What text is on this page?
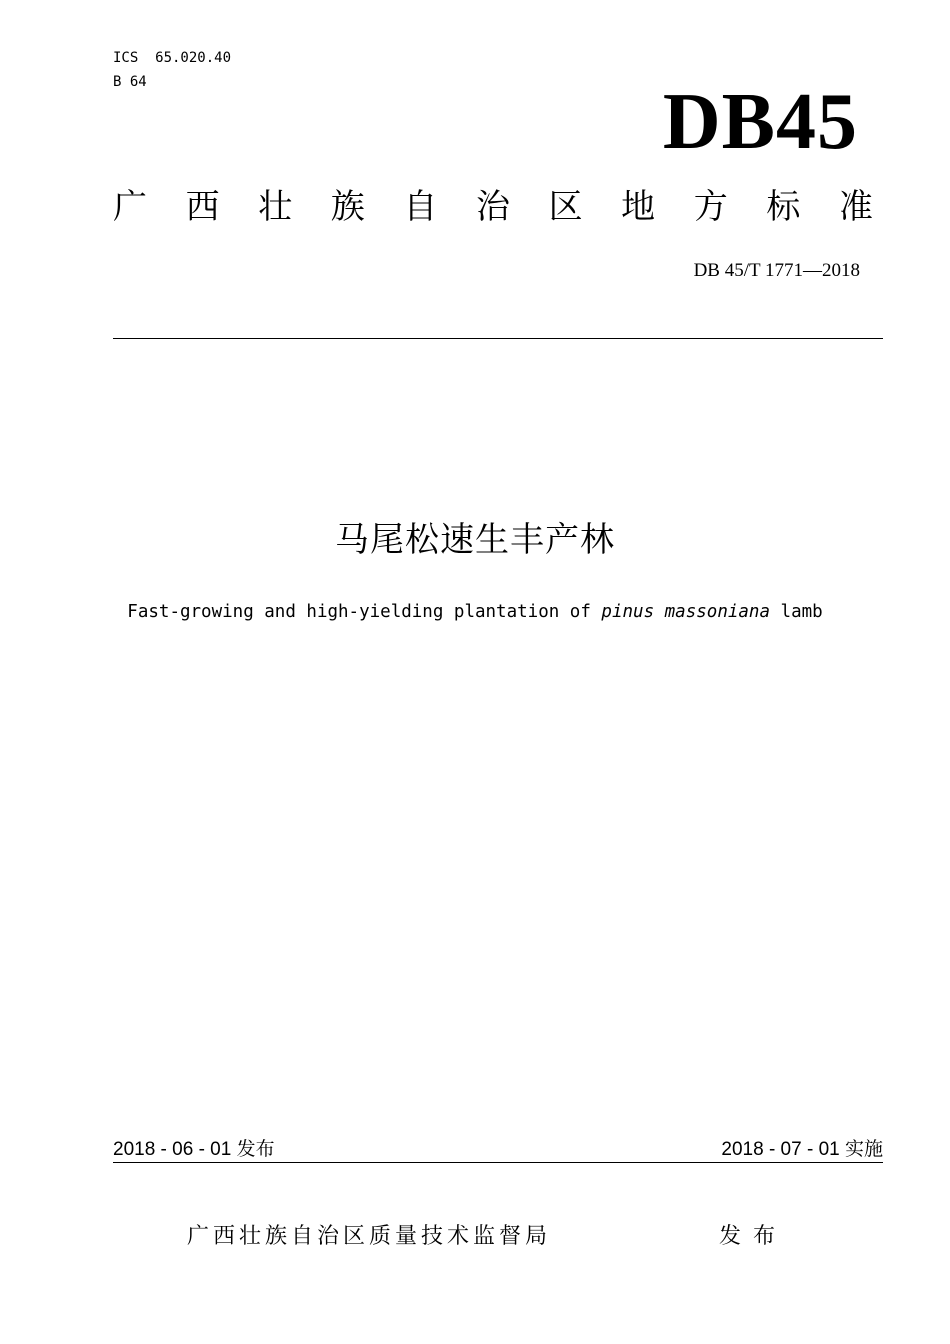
ICS  65.020.40
B 64	DB45
广 西 壮 族 自 治 区 地 方 标 准
DB 45/T 1771—2018
马尾松速生丰产林
Fast-growing and high-yielding plantation of pinus massoniana lamb
2018 - 06 - 01 发布	2018 - 07 - 01 实施
广西壮族自治区质量技术监督局	发布
